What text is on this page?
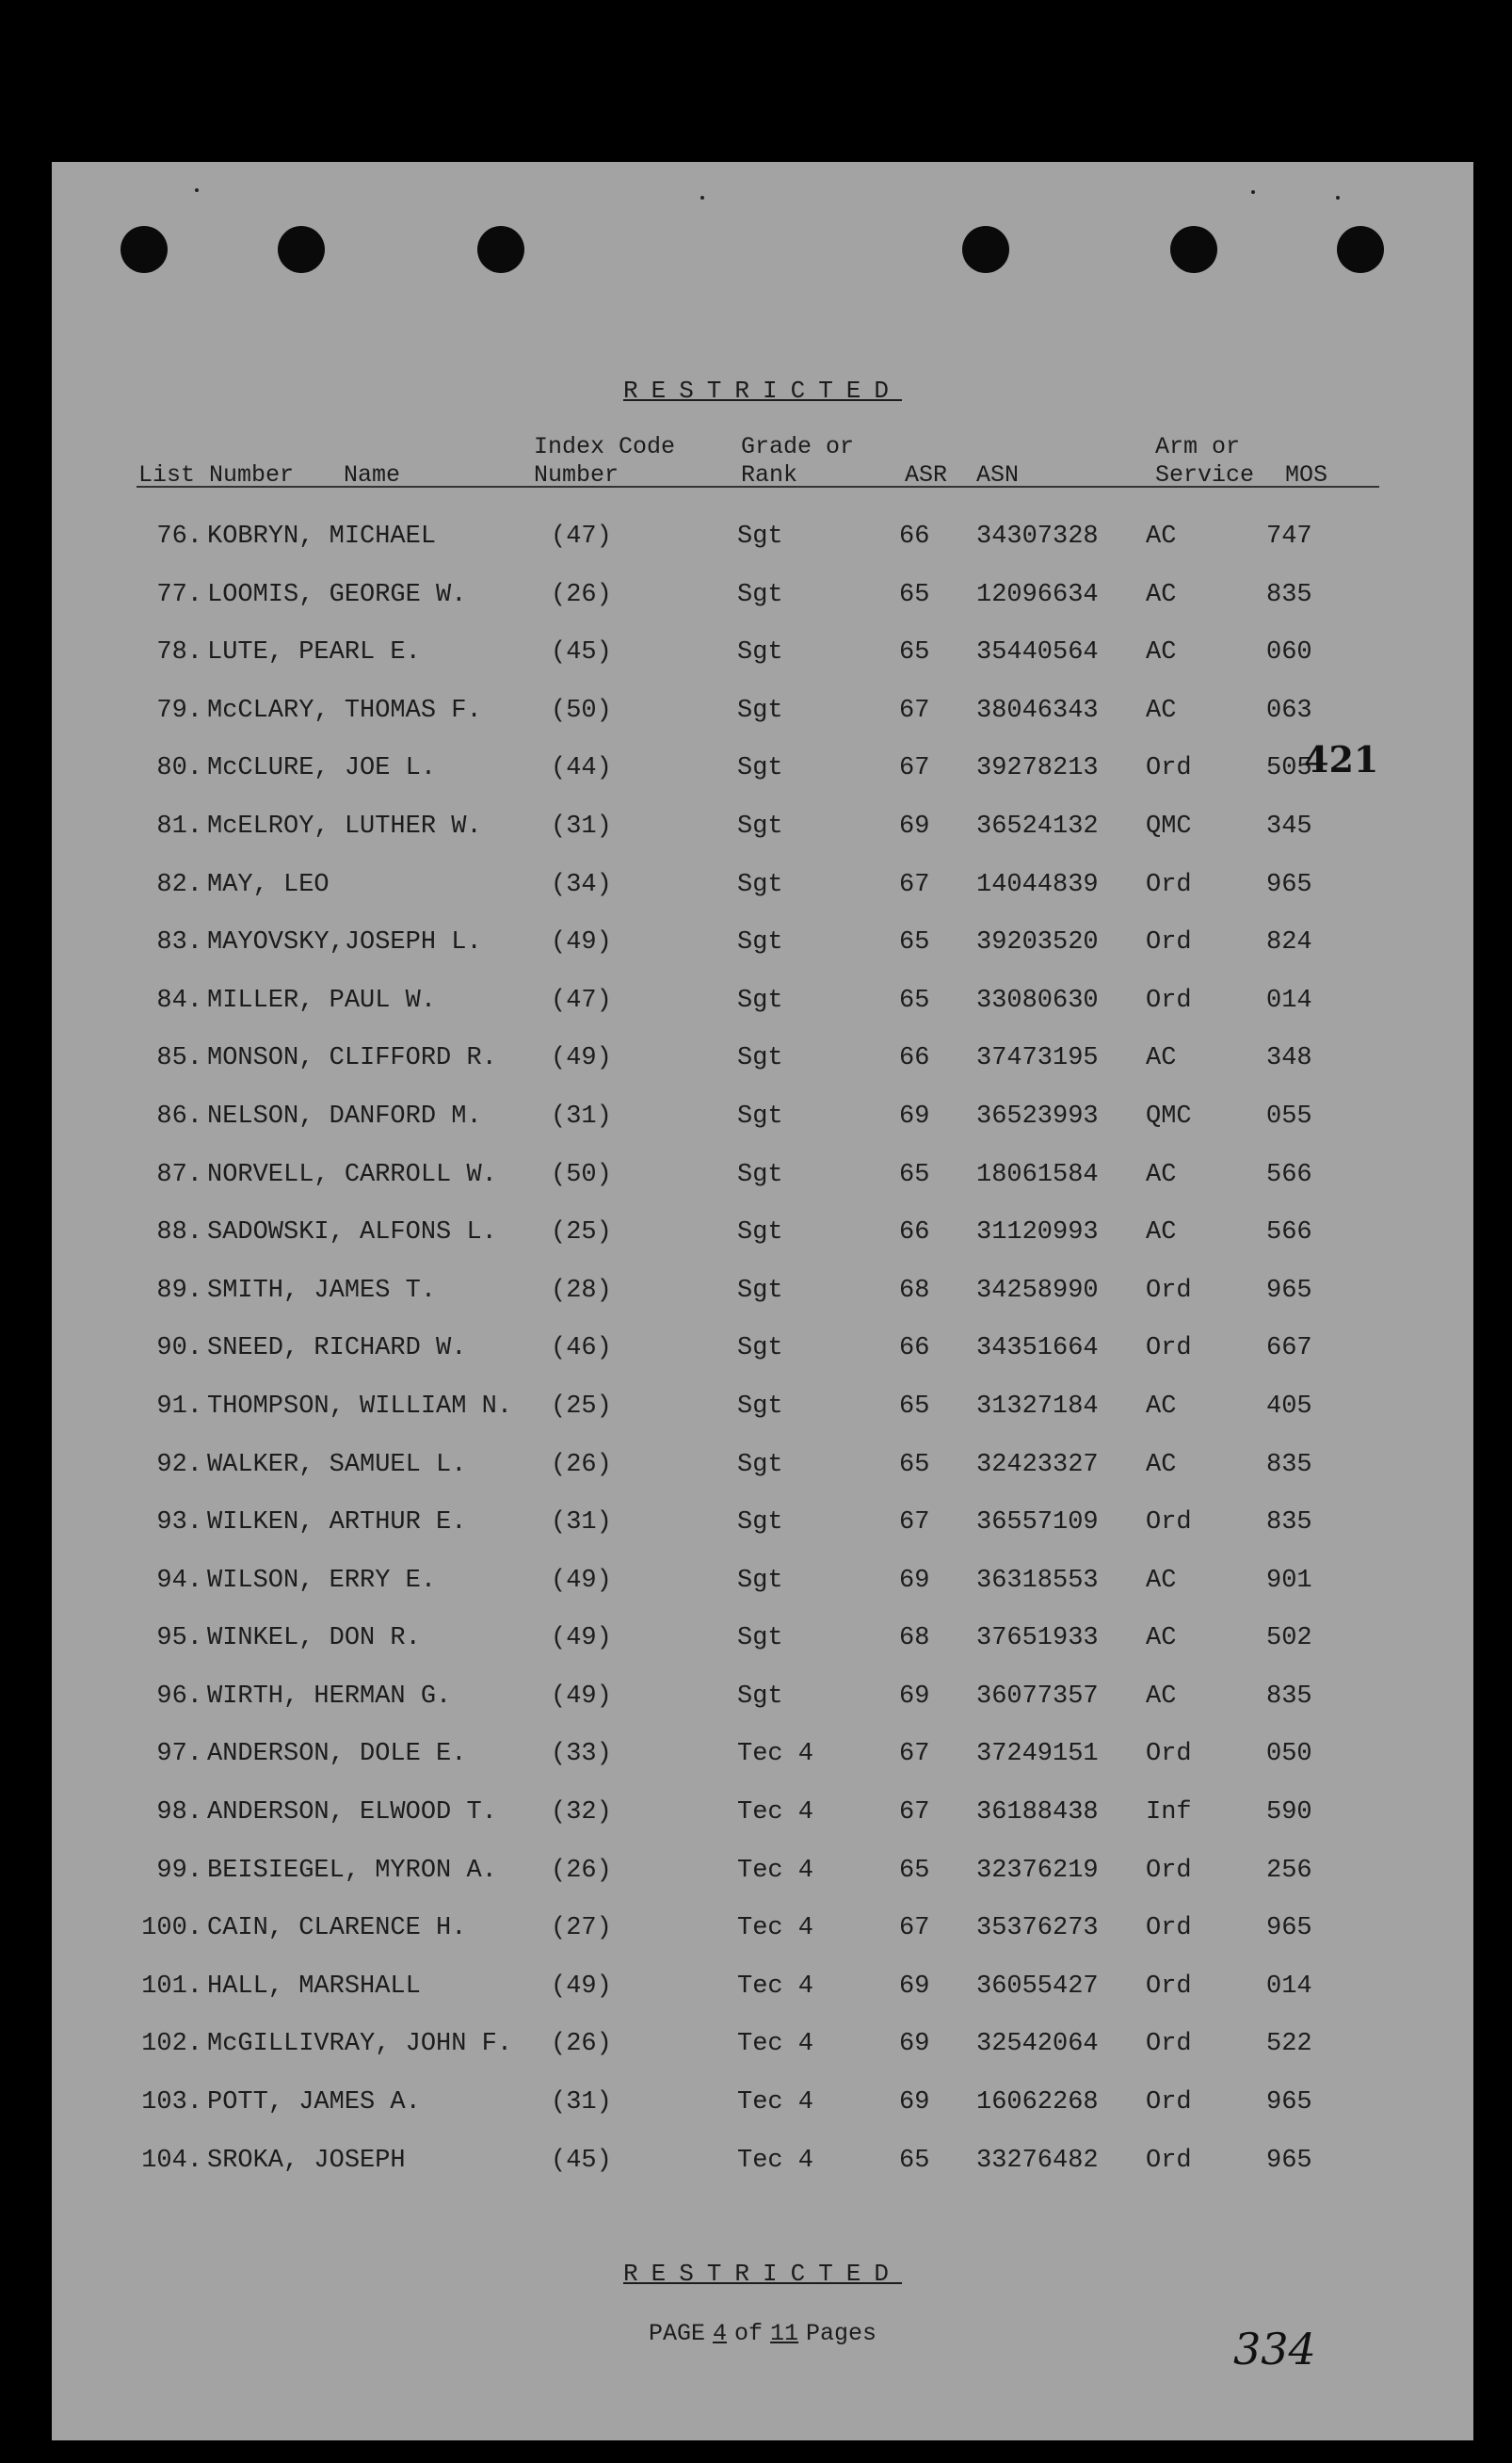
RESTRICTED
Index Code	Grade or	Arm or
List Number Name	Number	Rank	ASR ASN	Service MOS
76. KOBRYN, MICHAEL	(47)	Sgt	66 34307328 AC	747
77. LOOMIS, GEORGE W.	(26)	Sgt	65 12096634 AC	835
78. LUTE, PEARL E.	(45)	Sgt	65 35440564 AC	060
79. McCLARY, THOMAS F.	(50)	Sgt	67 38046343 AC	063
80. McCLURE, JOE L.	(44)	Sgt	67 39278213 Ord	505
81. McELROY, LUTHER W.	(31)	Sgt	69 36524132 QMC	345
82. MAY, LEO	(34)	Sgt	67 14044839 Ord	965
83. MAYOVSKY,JOSEPH L.	(49)	Sgt	65 39203520 Ord	824
84. MILLER, PAUL W.	(47)	Sgt	65 33080630 Ord	014
85. MONSON, CLIFFORD R. (49)	Sgt	66 37473195 AC	348
86. NELSON, DANFORD M.	(31)	Sgt	69 36523993 QMC	055
87. NORVELL, CARROLL W. (50)	Sgt	65 18061584 AC	566
88. SADOWSKI, ALFONS L. (25)	Sgt	66 31120993 AC	566
89. SMITH, JAMES T.	(28)	Sgt	68 34258990 Ord	965
90. SNEED, RICHARD W.	(46)	Sgt	66 34351664 Ord	667
91. THOMPSON, WILLIAM N. (25)	Sgt	65 31327184 AC	405
92. WALKER, SAMUEL L.	(26)	Sgt	65 32423327 AC	835
93. WILKEN, ARTHUR E.	(31)	Sgt	67 36557109 Ord	835
94. WILSON, ERRY E.	(49)	Sgt	69 36318553 AC	901
95. WINKEL, DON R.	(49)	Sgt	68 37651933 AC	502
96. WIRTH, HERMAN G.	(49)	Sgt	69 36077357 AC	835
97. ANDERSON, DOLE E.	(33)	Tec 4	67 37249151 Ord	050
98. ANDERSON, ELWOOD T. (32)	Tec 4	67 36188438 Inf	590
99. BEISIEGEL, MYRON A. (26)	Tec 4	65 32376219 Ord	256
100. CAIN, CLARENCE H.	(27)	Tec 4	67 35376273 Ord	965
101. HALL, MARSHALL	(49)	Tec 4	69 36055427 Ord	014
102. McGILLIVRAY, JOHN F. (26)	Tec 4	69 32542064 Ord	522
103. POTT, JAMES A.	(31)	Tec 4	69 16062268 Ord	965
104. SROKA, JOSEPH	(45)	Tec 4	65 33276482 Ord	965
421
RESTRICTED
PAGE 4 of 11 Pages	334
